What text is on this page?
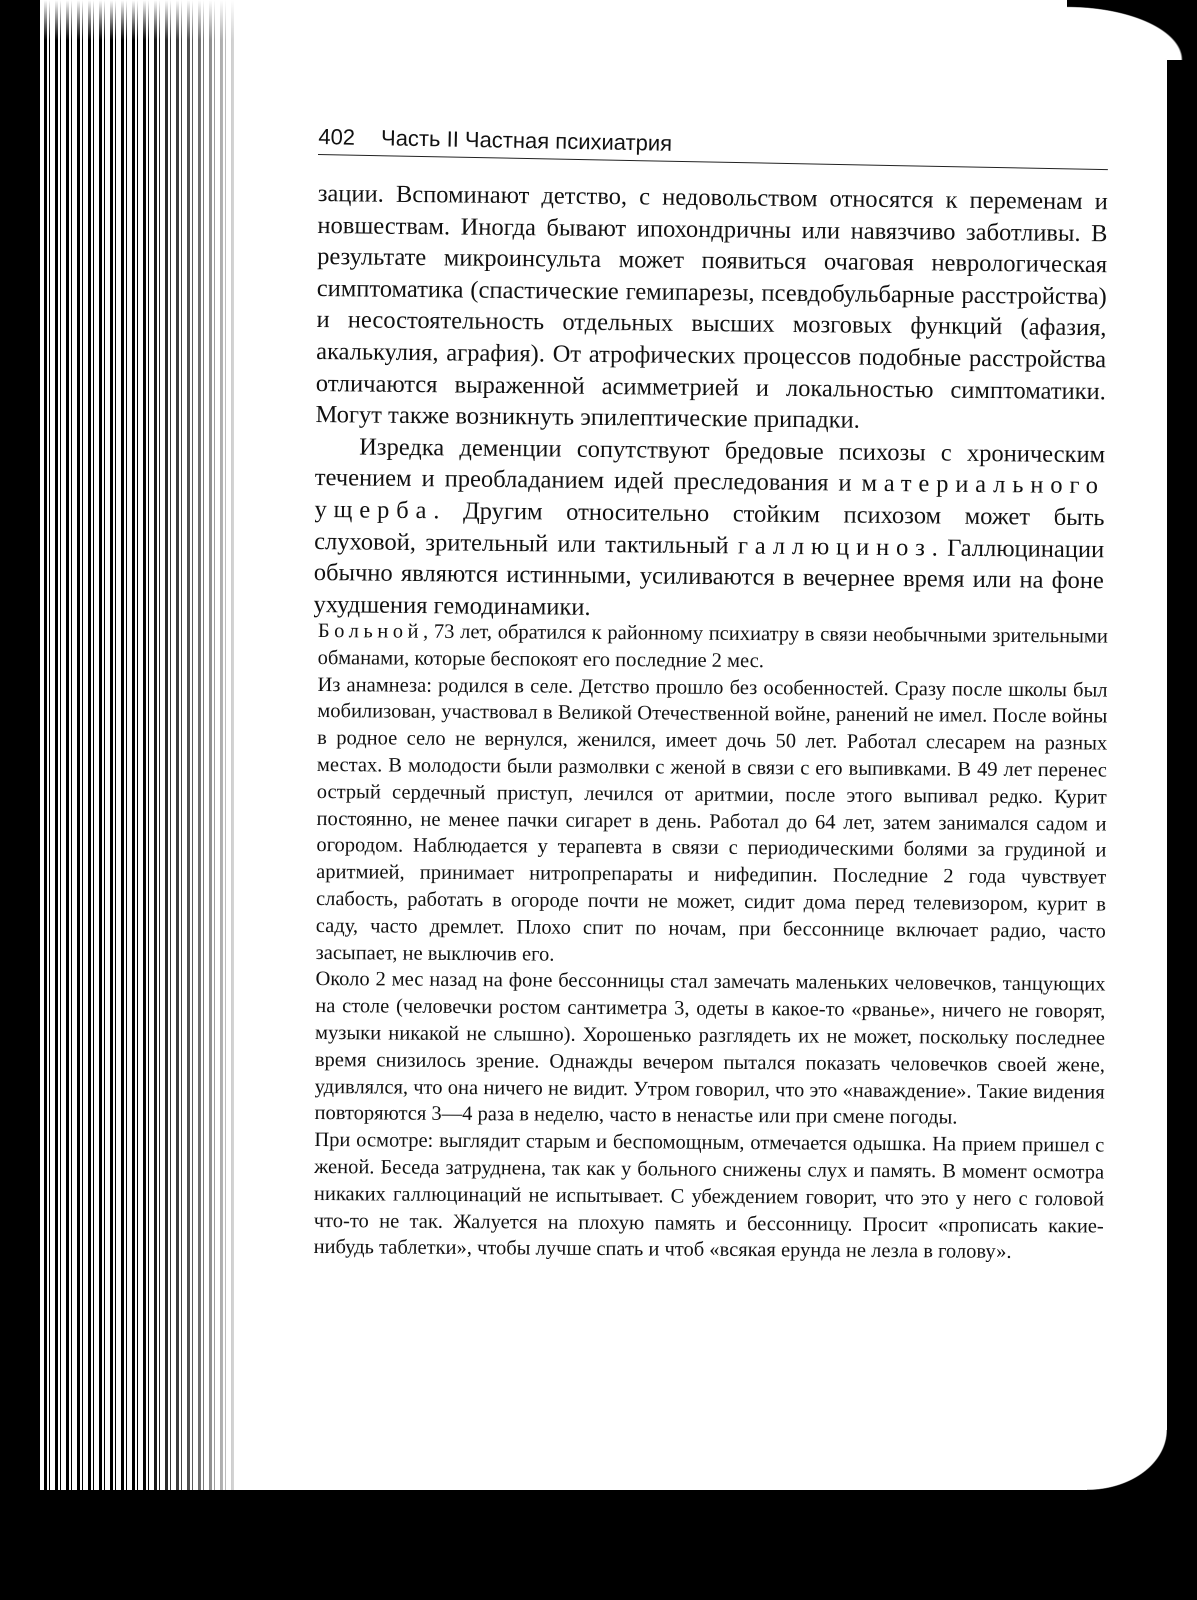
402 Часть II Частная психиатрия

зации. Вспоминают детство, с недовольством относятся к переменам и новшествам. Иногда бывают ипохондричны или навязчиво заботливы. В результате микроинсульта может появиться очаговая неврологическая симптоматика (спастические гемипарезы, псевдобульбарные расстройства) и несостоятельность отдельных высших мозговых функций (афазия, акалькулия, аграфия). От атрофических процессов подобные расстройства отличаются выраженной асимметрией и локальностью симптоматики. Могут также возникнуть эпилептические припадки.

Изредка деменции сопутствуют бредовые психозы с хроническим течением и преобладанием идей преследования и материального ущерба. Другим относительно стойким психозом может быть слуховой, зрительный или тактильный галлюциноз. Галлюцинации обычно являются истинными, усиливаются в вечернее время или на фоне ухудшения гемодинамики.

Больной, 73 лет, обратился к районному психиатру в связи необычными зрительными обманами, которые беспокоят его последние 2 мес.

Из анамнеза: родился в селе. Детство прошло без особенностей. Сразу после школы был мобилизован, участвовал в Великой Отечественной войне, ранений не имел. После войны в родное село не вернулся, женился, имеет дочь 50 лет. Работал слесарем на разных местах. В молодости были размолвки с женой в связи с его выпивками. В 49 лет перенес острый сердечный приступ, лечился от аритмии, после этого выпивал редко. Курит постоянно, не менее пачки сигарет в день. Работал до 64 лет, затем занимался садом и огородом. Наблюдается у терапевта в связи с периодическими болями за грудиной и аритмией, принимает нитропрепараты и нифедипин. Последние 2 года чувствует слабость, работать в огороде почти не может, сидит дома перед телевизором, курит в саду, часто дремлет. Плохо спит по ночам, при бессоннице включает радио, часто засыпает, не выключив его.

Около 2 мес назад на фоне бессонницы стал замечать маленьких человечков, танцующих на столе (человечки ростом сантиметра 3, одеты в какое-то «рванье», ничего не говорят, музыки никакой не слышно). Хорошенько разглядеть их не может, поскольку последнее время снизилось зрение. Однажды вечером пытался показать человечков своей жене, удивлялся, что она ничего не видит. Утром говорил, что это «наваждение». Такие видения повторяются 3—4 раза в неделю, часто в ненастье или при смене погоды.

При осмотре: выглядит старым и беспомощным, отмечается одышка. На прием пришел с женой. Беседа затруднена, так как у больного снижены слух и память. В момент осмотра никаких галлюцинаций не испытывает. С убеждением говорит, что это у него с головой что-то не так. Жалуется на плохую память и бессонницу. Просит «прописать какие-нибудь таблетки», чтобы лучше спать и чтоб «всякая ерунда не лезла в голову».
